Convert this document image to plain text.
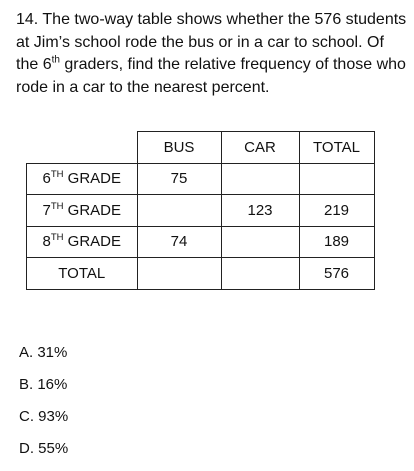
14. The two-way table shows whether the 576 students at Jim’s school rode the bus or in a car to school. Of the 6th graders, find the relative frequency of those who rode in a car to the nearest percent.

	BUS	CAR	TOTAL
6TH GRADE	75		
7TH GRADE		123	219
8TH GRADE	74		189
TOTAL			576
A. 31%
B. 16%
C. 93%
D. 55%
